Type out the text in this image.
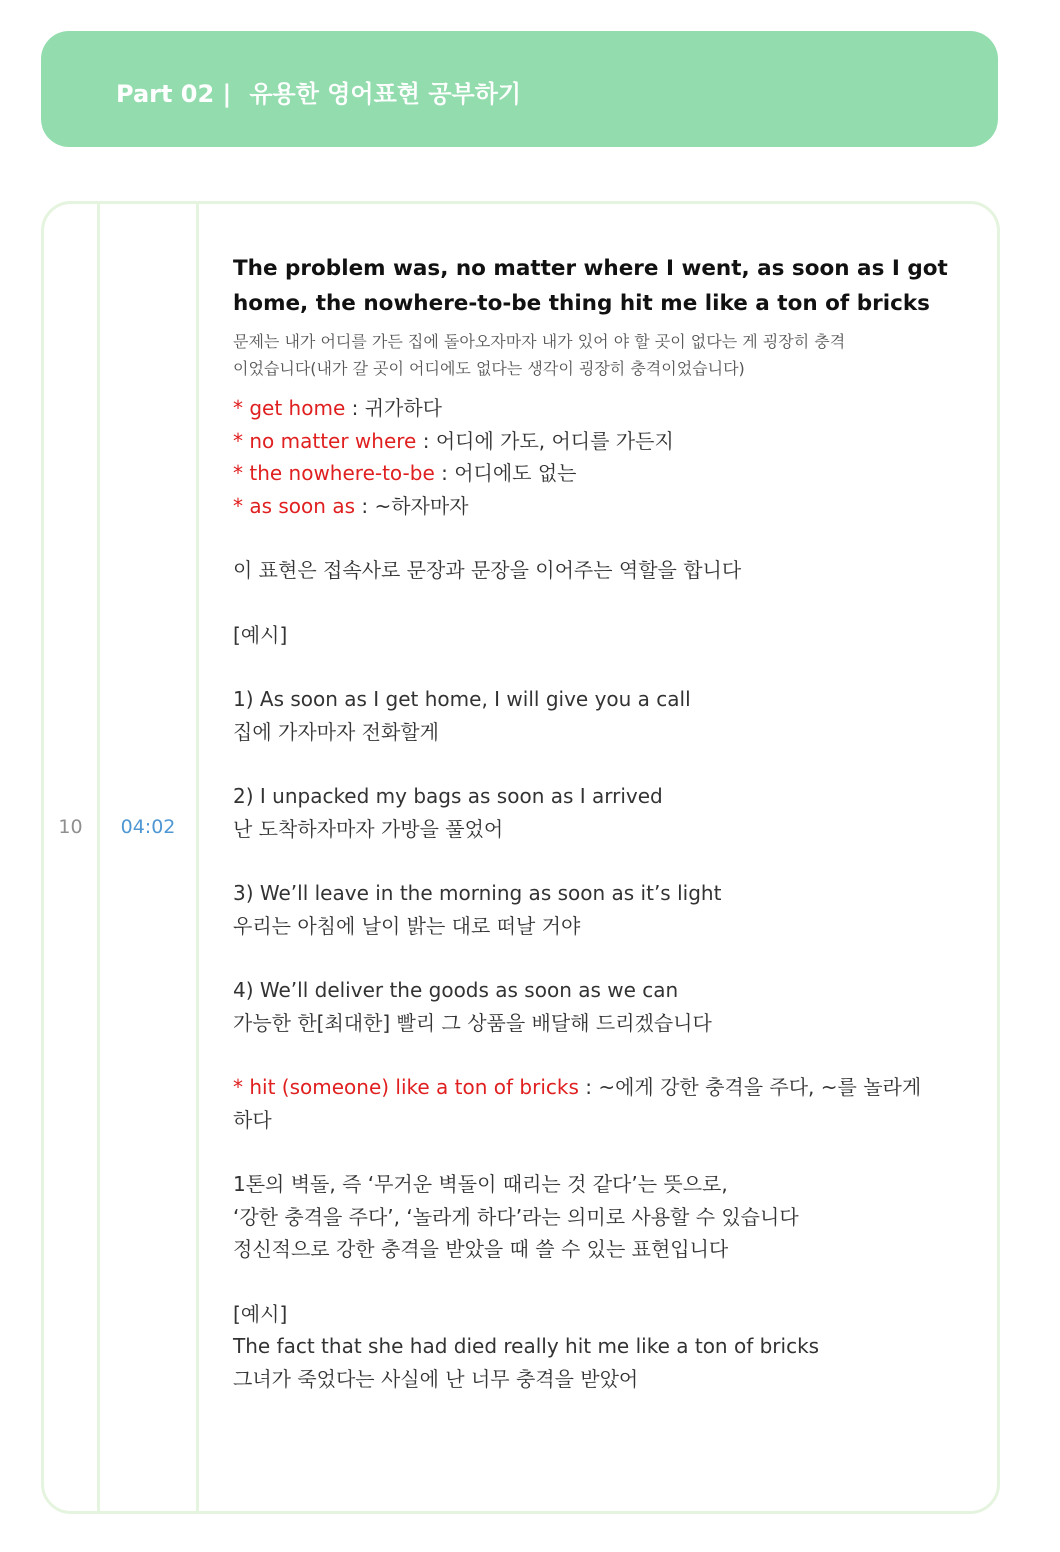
Part 02 | 유용한 영어표현 공부하기
10	04:02
The problem was, no matter where I went, as soon as I got
home, the nowhere-to-be thing hit me like a ton of bricks
문제는 내가 어디를 가든 집에 돌아오자마자 내가 있어 야 할 곳이 없다는 게 굉장히 충격
이었습니다(내가 갈 곳이 어디에도 없다는 생각이 굉장히 충격이었습니다)
* get home : 귀가하다
* no matter where : 어디에 가도, 어디를 가든지
* the nowhere-to-be : 어디에도 없는
* as soon as : ~하자마자
이 표현은 접속사로 문장과 문장을 이어주는 역할을 합니다
[예시]
1) As soon as I get home, I will give you a call
집에 가자마자 전화할게
2) I unpacked my bags as soon as I arrived
난 도착하자마자 가방을 풀었어
3) We’ll leave in the morning as soon as it’s light
우리는 아침에 날이 밝는 대로 떠날 거야
4) We’ll deliver the goods as soon as we can
가능한 한[최대한] 빨리 그 상품을 배달해 드리겠습니다
* hit (someone) like a ton of bricks : ~에게 강한 충격을 주다, ~를 놀라게
하다
1톤의 벽돌, 즉 ‘무거운 벽돌이 때리는 것 같다’는 뜻으로,
‘강한 충격을 주다’, ‘놀라게 하다’라는 의미로 사용할 수 있습니다
정신적으로 강한 충격을 받았을 때 쓸 수 있는 표현입니다
[예시]
The fact that she had died really hit me like a ton of bricks
그녀가 죽었다는 사실에 난 너무 충격을 받았어
